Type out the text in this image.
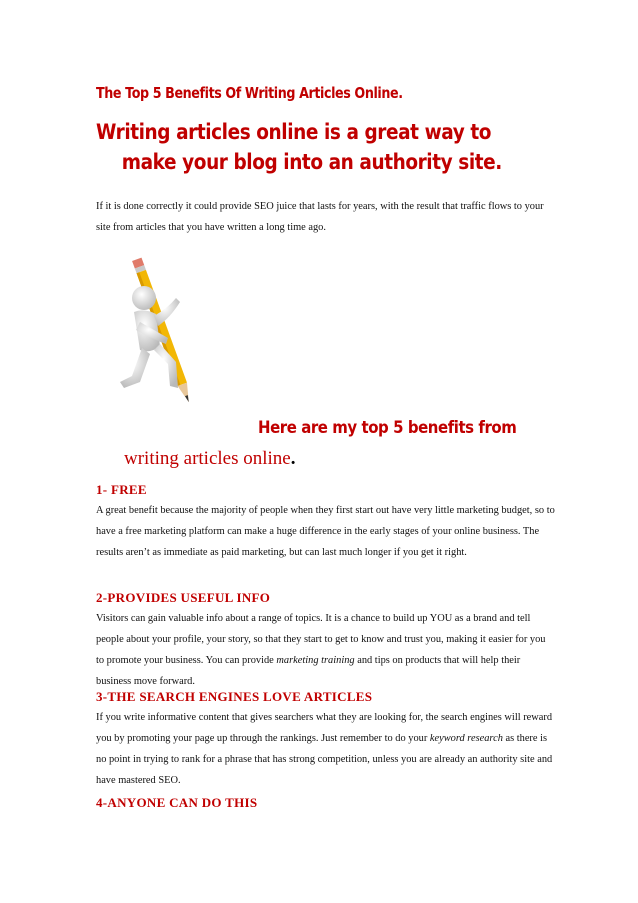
The Top 5 Benefits Of Writing Articles Online.
Writing articles online is a great way to
make your blog into an authority site.
If it is done correctly it could provide SEO juice that lasts for years, with the result that traffic flows to your site from articles that you have written a long time ago.
Here are my top 5 benefits from
writing articles online.
1- FREE

A great benefit because the majority of people when they first start out have very little marketing budget, so to have a free marketing platform can make a huge difference in the early stages of your online business. The results aren’t as immediate as paid marketing, but can last much longer if you get it right.

2-PROVIDES USEFUL INFO

Visitors can gain valuable info about a range of topics. It is a chance to build up YOU as a brand and tell people about your profile, your story, so that they start to get to know and trust you, making it easier for you to promote your business. You can provide marketing training and tips on products that will help their business move forward.

3-THE SEARCH ENGINES LOVE ARTICLES

If you write informative content that gives searchers what they are looking for, the search engines will reward you by promoting your page up through the rankings. Just remember to do your keyword research as there is no point in trying to rank for a phrase that has strong competition, unless you are already an authority site and have mastered SEO.

4-ANYONE CAN DO THIS
